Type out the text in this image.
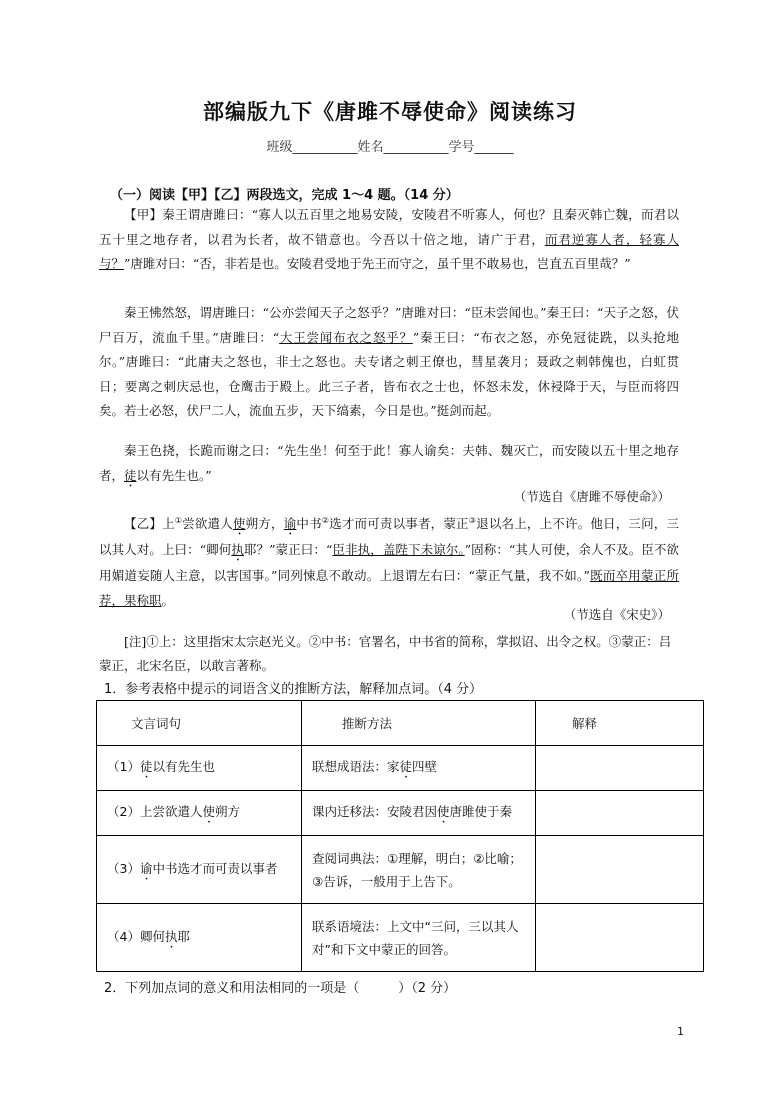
部编版九下《唐雎不辱使命》阅读练习
班级__________姓名__________学号______
（一）阅读【甲】【乙】两段选文，完成 1～4 题。（14 分）
【甲】秦王谓唐雎曰：“寡人以五百里之地易安陵，安陵君不听寡人，何也？且秦灭韩亡魏，而君以五十里之地存者，以君为长者，故不错意也。今吾以十倍之地，请广于君，而君逆寡人者，轻寡人与？”唐雎对曰：“否，非若是也。安陵君受地于先王而守之，虽千里不敢易也，岂直五百里哉？”
秦王怫然怒，谓唐雎曰：“公亦尝闻天子之怒乎？”唐雎对曰：“臣未尝闻也。”秦王曰：“天子之怒，伏尸百万，流血千里。”唐雎曰：“大王尝闻布衣之怒乎？”秦王曰：“布衣之怒，亦免冠徒跣，以头抢地尔。”唐雎曰：“此庸夫之怒也，非士之怒也。夫专诸之刺王僚也，彗星袭月；聂政之刺韩傀也，白虹贯日；要离之刺庆忌也，仓鹰击于殿上。此三子者，皆布衣之士也，怀怒未发，休祲降于天，与臣而将四矣。若士必怒，伏尸二人，流血五步，天下缟素，今日是也。”挺剑而起。
秦王色挠，长跪而谢之曰：“先生坐！何至于此！寡人谕矣：夫韩、魏灭亡，而安陵以五十里之地存者，徒以有先生也。”
（节选自《唐雎不辱使命》）
【乙】上①尝欲遣人使朔方，谕中书②选才而可责以事者，蒙正③退以名上，上不许。他日，三问，三以其人对。上曰：“卿何执耶？”蒙正曰：“臣非执，盖陛下未谅尔。”固称：“其人可使，余人不及。臣不欲用媚道妄随人主意，以害国事。”同列悚息不敢动。上退谓左右曰：“蒙正气量，我不如。”既而卒用蒙正所荐，果称职。
（节选自《宋史》）
[注]①上：这里指宋太宗赵光义。②中书：官署名，中书省的简称，掌拟诏、出令之权。③蒙正：吕蒙正，北宋名臣，以敢言著称。
1．参考表格中提示的词语含义的推断方法，解释加点词。（4 分）
文言词句	推断方法	解释
（1）徒以有先生也	联想成语法：家徒四壁	
（2）上尝欲遣人使朔方	课内迁移法：安陵君因使唐雎使于秦	
（3）谕中书选才而可责以事者	查阅词典法：①理解，明白；②比喻；③告诉，一般用于上告下。	
（4）卿何执耶	联系语境法：上文中“三问，三以其人对”和下文中蒙正的回答。	
2．下列加点词的意义和用法相同的一项是（　　　）（2 分）
1
